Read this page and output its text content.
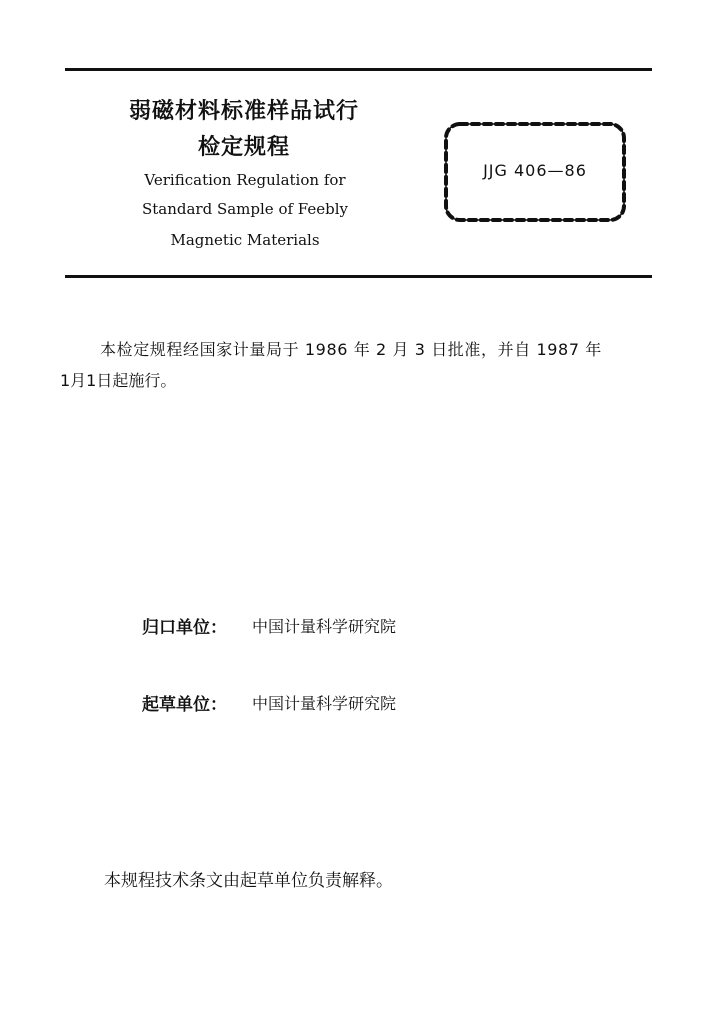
弱磁材料标准样品试行
检定规程
Verification Regulation for
Standard Sample of Feebly
Magnetic Materials
JJG 406—86
本检定规程经国家计量局于 1986 年 2 月 3 日批准，并自 1987 年
1月1日起施行。
归口单位： 中国计量科学研究院
起草单位： 中国计量科学研究院
本规程技术条文由起草单位负责解释。
